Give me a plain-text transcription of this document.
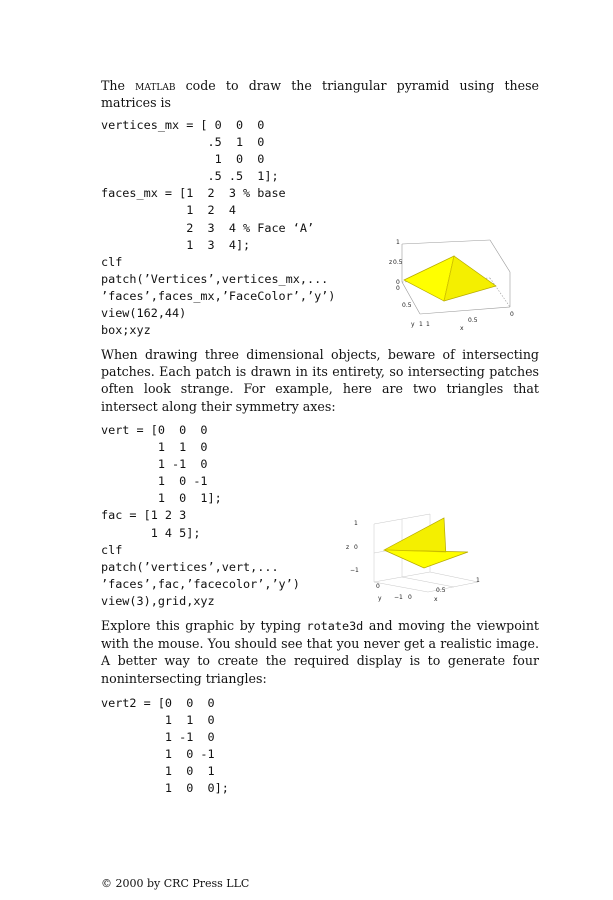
The matlab code to draw the triangular pyramid using these matrices is

vertices_mx = [ 0  0  0
.5  1  0
1  0  0
.5 .5  1];
faces_mx = [1  2  3 % base
1  2  4
2  3  4 % Face ‘A’
1  3  4];
clf
patch(’Vertices’,vertices_mx,...
’faces’,faces_mx,’FaceColor’,’y’)
view(162,44)
box;xyz
1
z 0.5
0
0
0.5
y 1 1
x
0.5
0

When drawing three dimensional objects, beware of intersecting patches. Each patch is drawn in its entirety, so intersecting patches often look strange. For example, here are two triangles that intersect along their symmetry axes:

vert = [0  0  0
1  1  0
1 -1  0
1  0 -1
1  0  1];
fac = [1 2 3
1 4 5];
clf
patch(’vertices’,vert,...
’faces’,fac,’facecolor’,’y’)
view(3),grid,xyz
1
z 0
−1
0
y −1 0
0.5
x
1

Explore this graphic by typing rotate3d and moving the viewpoint with the mouse. You should see that you never get a realistic image. A better way to create the required display is to generate four nonintersecting triangles:

vert2 = [0  0  0
1  1  0
1 -1  0
1  0 -1
1  0  1
1  0  0];
© 2000 by CRC Press LLC
